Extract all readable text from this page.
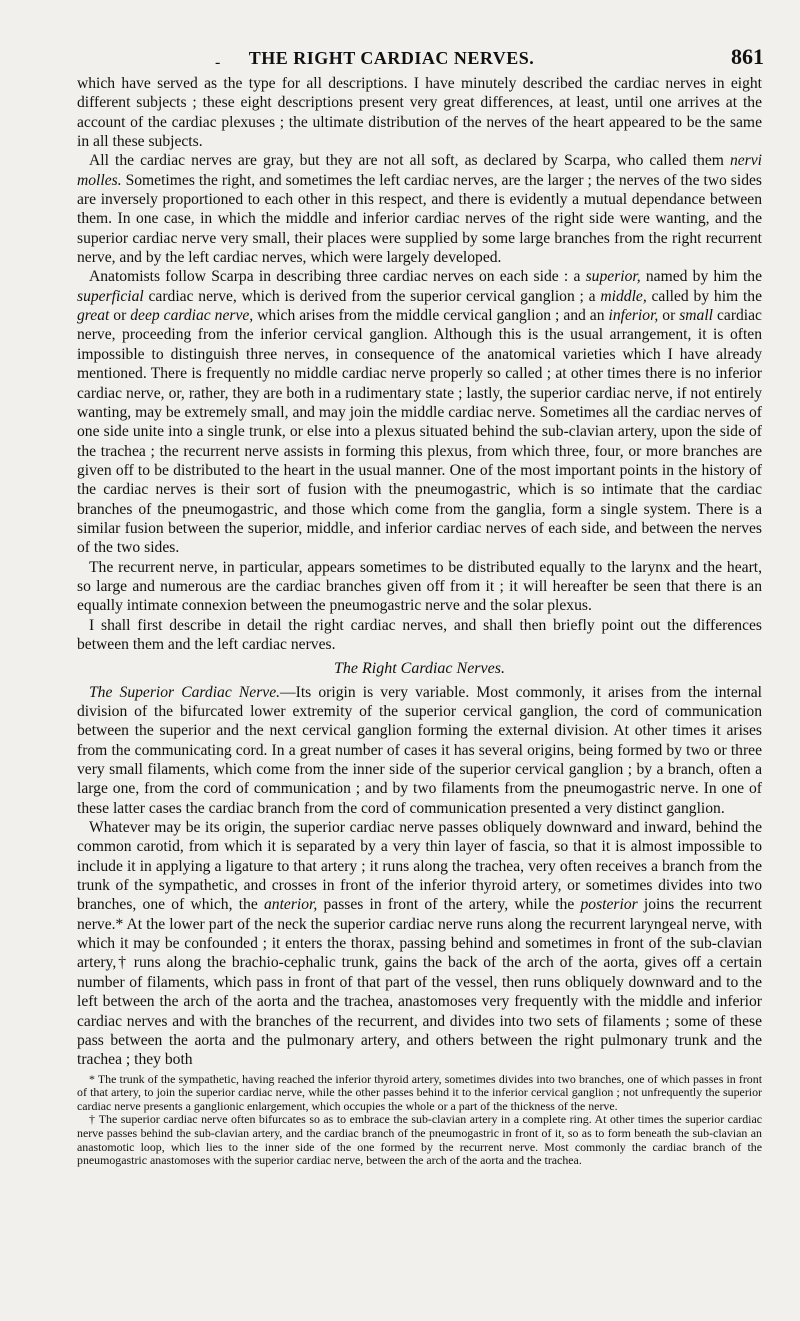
-	THE RIGHT CARDIAC NERVES.	861

which have served as the type for all descriptions. I have minutely described the cardiac nerves in eight different subjects ; these eight descriptions present very great differences, at least, until one arrives at the account of the cardiac plexuses ; the ultimate distribution of the nerves of the heart appeared to be the same in all these subjects.

All the cardiac nerves are gray, but they are not all soft, as declared by Scarpa, who called them nervi molles. Sometimes the right, and sometimes the left cardiac nerves, are the larger ; the nerves of the two sides are inversely proportioned to each other in this respect, and there is evidently a mutual dependance between them. In one case, in which the middle and inferior cardiac nerves of the right side were wanting, and the superior cardiac nerve very small, their places were supplied by some large branches from the right recurrent nerve, and by the left cardiac nerves, which were largely developed.

Anatomists follow Scarpa in describing three cardiac nerves on each side : a superior, named by him the superficial cardiac nerve, which is derived from the superior cervical ganglion ; a middle, called by him the great or deep cardiac nerve, which arises from the middle cervical ganglion ; and an inferior, or small cardiac nerve, proceeding from the inferior cervical ganglion. Although this is the usual arrangement, it is often impossible to distinguish three nerves, in consequence of the anatomical varieties which I have already mentioned. There is frequently no middle cardiac nerve properly so called ; at other times there is no inferior cardiac nerve, or, rather, they are both in a rudimentary state ; lastly, the superior cardiac nerve, if not entirely wanting, may be extremely small, and may join the middle cardiac nerve. Sometimes all the cardiac nerves of one side unite into a single trunk, or else into a plexus situated behind the sub-clavian artery, upon the side of the trachea ; the recurrent nerve assists in forming this plexus, from which three, four, or more branches are given off to be distributed to the heart in the usual manner. One of the most important points in the history of the cardiac nerves is their sort of fusion with the pneumogastric, which is so intimate that the cardiac branches of the pneumogastric, and those which come from the ganglia, form a single system. There is a similar fusion between the superior, middle, and inferior cardiac nerves of each side, and between the nerves of the two sides.

The recurrent nerve, in particular, appears sometimes to be distributed equally to the larynx and the heart, so large and numerous are the cardiac branches given off from it ; it will hereafter be seen that there is an equally intimate connexion between the pneumogastric nerve and the solar plexus.

I shall first describe in detail the right cardiac nerves, and shall then briefly point out the differences between them and the left cardiac nerves.

The Right Cardiac Nerves.

The Superior Cardiac Nerve.—Its origin is very variable. Most commonly, it arises from the internal division of the bifurcated lower extremity of the superior cervical ganglion, the cord of communication between the superior and the next cervical ganglion forming the external division. At other times it arises from the communicating cord. In a great number of cases it has several origins, being formed by two or three very small filaments, which come from the inner side of the superior cervical ganglion ; by a branch, often a large one, from the cord of communication ; and by two filaments from the pneumogastric nerve. In one of these latter cases the cardiac branch from the cord of communication presented a very distinct ganglion.

Whatever may be its origin, the superior cardiac nerve passes obliquely downward and inward, behind the common carotid, from which it is separated by a very thin layer of fascia, so that it is almost impossible to include it in applying a ligature to that artery ; it runs along the trachea, very often receives a branch from the trunk of the sympathetic, and crosses in front of the inferior thyroid artery, or sometimes divides into two branches, one of which, the anterior, passes in front of the artery, while the posterior joins the recurrent nerve.* At the lower part of the neck the superior cardiac nerve runs along the recurrent laryngeal nerve, with which it may be confounded ; it enters the thorax, passing behind and sometimes in front of the sub-clavian artery,† runs along the brachio-cephalic trunk, gains the back of the arch of the aorta, gives off a certain number of filaments, which pass in front of that part of the vessel, then runs obliquely downward and to the left between the arch of the aorta and the trachea, anastomoses very frequently with the middle and inferior cardiac nerves and with the branches of the recurrent, and divides into two sets of filaments ; some of these pass between the aorta and the pulmonary artery, and others between the right pulmonary trunk and the trachea ; they both

* The trunk of the sympathetic, having reached the inferior thyroid artery, sometimes divides into two branches, one of which passes in front of that artery, to join the superior cardiac nerve, while the other passes behind it to the inferior cervical ganglion ; not unfrequently the superior cardiac nerve presents a ganglionic enlargement, which occupies the whole or a part of the thickness of the nerve.

† The superior cardiac nerve often bifurcates so as to embrace the sub-clavian artery in a complete ring. At other times the superior cardiac nerve passes behind the sub-clavian artery, and the cardiac branch of the pneumogastric in front of it, so as to form beneath the sub-clavian an anastomotic loop, which lies to the inner side of the one formed by the recurrent nerve. Most commonly the cardiac branch of the pneumogastric anastomoses with the superior cardiac nerve, between the arch of the aorta and the trachea.
